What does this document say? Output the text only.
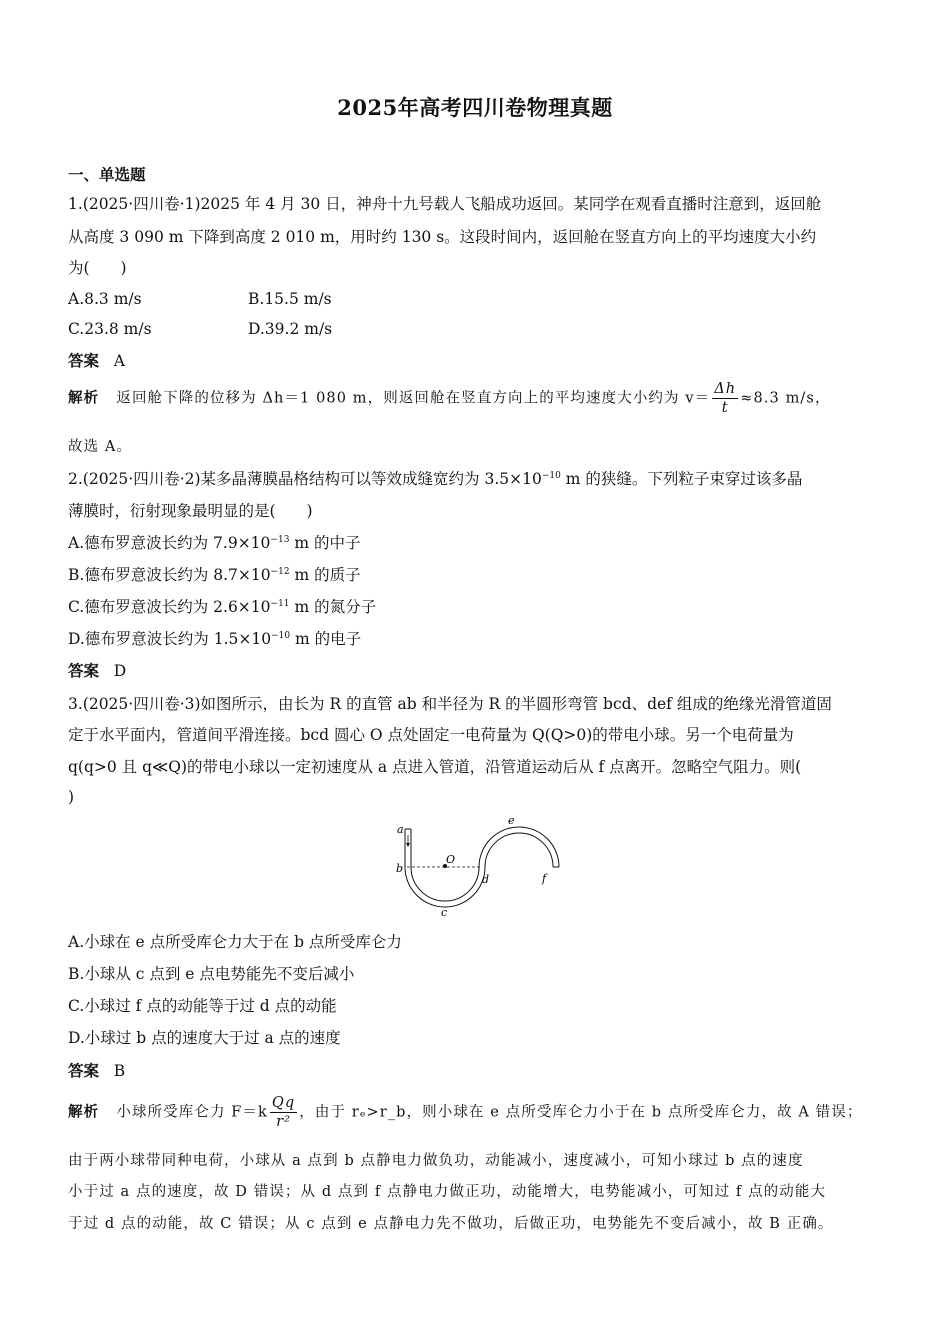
2025年高考四川卷物理真题
一、单选题
1.(2025·四川卷·1)2025 年 4 月 30 日，神舟十九号载人飞船成功返回。某同学在观看直播时注意到，返回舱
从高度 3 090 m 下降到高度 2 010 m，用时约 130 s。这段时间内，返回舱在竖直方向上的平均速度大小约
为(　　)
A.8.3 m/s	B.15.5 m/s
C.23.8 m/s	D.39.2 m/s
答案 A
解析 返回舱下降的位移为 Δh＝1 080 m，则返回舱在竖直方向上的平均速度大小约为 $v= \frac{\Delta h}{t} \approx 8.3$ m/s，
故选 A。
2.(2025·四川卷·2)某多晶薄膜晶格结构可以等效成缝宽约为 $3.5\times 10^{-10}$ m 的狭缝。下列粒子束穿过该多晶
薄膜时，衍射现象最明显的是(　　)
A.德布罗意波长约为 $7.9\times 10^{-13}$ m 的中子
B.德布罗意波长约为 $8.7\times 10^{-12}$ m 的质子
C.德布罗意波长约为 $2.6\times 10^{-11}$ m 的氮分子
D.德布罗意波长约为 $1.5\times 10^{-10}$ m 的电子
答案 D
3.(2025·四川卷·3)如图所示，由长为 R 的直管 ab 和半径为 R 的半圆形弯管 bcd、def 组成的绝缘光滑管道固
定于水平面内，管道间平滑连接。bcd 圆心 O 点处固定一电荷量为 Q(Q>0)的带电小球。另一个电荷量为
q(q>0 且 q≪Q)的带电小球以一定初速度从 a 点进入管道，沿管道运动后从 f 点离开。忽略空气阻力。则(
)
a
b
c
d
e
f
O
A.小球在 e 点所受库仑力大于在 b 点所受库仑力
B.小球从 c 点到 e 点电势能先不变后减小
C.小球过 f 点的动能等于过 d 点的动能
D.小球过 b 点的速度大于过 a 点的速度
答案 B
解析 小球所受库仑力 $F=k \frac{Qq}{\text{r²}}$ ，由于 rₑ>r_b，则小球在 e 点所受库仑力小于在 b 点所受库仑力，故 A 错误；
由于两小球带同种电荷，小球从 a 点到 b 点静电力做负功，动能减小，速度减小，可知小球过 b 点的速度
小于过 a 点的速度，故 D 错误；从 d 点到 f 点静电力做正功，动能增大，电势能减小，可知过 f 点的动能大
于过 d 点的动能，故 C 错误；从 c 点到 e 点静电力先不做功，后做正功，电势能先不变后减小，故 B 正确。
